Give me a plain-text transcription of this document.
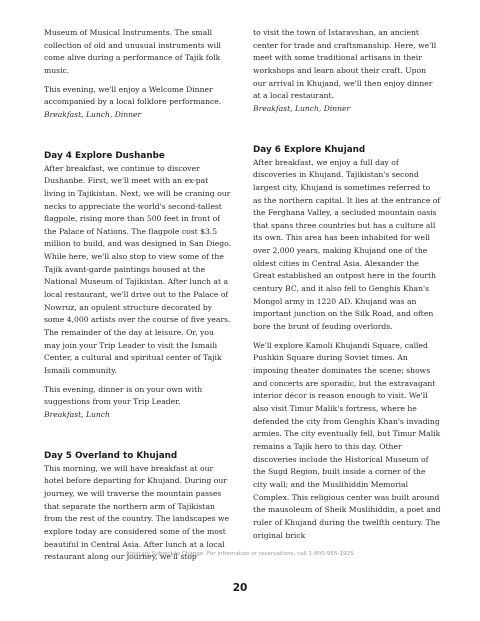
Museum of Musical Instruments. The small collection of old and unusual instruments will come alive during a performance of Tajik folk music.

This evening, we'll enjoy a Welcome Dinner accompanied by a local folklore performance.

Breakfast, Lunch, Dinner

Day 4 Explore Dushanbe

After breakfast, we continue to discover Dushanbe. First, we'll meet with an ex-pat living in Tajikistan. Next, we will be craning our necks to appreciate the world's second-tallest flagpole, rising more than 500 feet in front of the Palace of Nations. The flagpole cost $3.5 million to build, and was designed in San Diego. While here, we'll also stop to view some of the Tajik avant-garde paintings housed at the National Museum of Tajikistan. After lunch at a local restaurant, we'll drive out to the Palace of Nowruz, an opulent structure decorated by some 4,000 artists over the course of five years. The remainder of the day at leisure. Or, you may join your Trip Leader to visit the Ismaili Center, a cultural and spiritual center of Tajik Ismaili community.

This evening, dinner is on your own with suggestions from your Trip Leader.

Breakfast, Lunch

Day 5 Overland to Khujand

This morning, we will have breakfast at our hotel before departing for Khujand. During our journey, we will traverse the mountain passes that separate the northern arm of Tajikistan from the rest of the country. The landscapes we explore today are considered some of the most beautiful in Central Asia. After lunch at a local restaurant along our journey, we'll stop

to visit the town of Istaravshan, an ancient center for trade and craftsmanship. Here, we'll meet with some traditional artisans in their workshops and learn about their craft. Upon our arrival in Khujand, we'll then enjoy dinner at a local restaurant.

Breakfast, Lunch, Dinner

Day 6 Explore Khujand

After breakfast, we enjoy a full day of discoveries in Khujand. Tajikistan's second largest city, Khujand is sometimes referred to as the northern capital. It lies at the entrance of the Ferghana Valley, a secluded mountain oasis that spans three countries but has a culture all its own. This area has been inhabited for well over 2,000 years, making Khujand one of the oldest cities in Central Asia. Alexander the Great established an outpost here in the fourth century BC, and it also fell to Genghis Khan's Mongol army in 1220 AD. Khujand was an important junction on the Silk Road, and often bore the brunt of feuding overlords.

We'll explore Kamoli Khujandi Square, called Pushkin Square during Soviet times. An imposing theater dominates the scene; shows and concerts are sporadic, but the extravagant interior décor is reason enough to visit. We'll also visit Timur Malik's fortress, where he defended the city from Genghis Khan's invading armies. The city eventually fell, but Timur Malik remains a Tajik hero to this day. Other discoveries include the Historical Museum of the Sugd Region, built inside a corner of the city wall; and the Muslihiddin Memorial Complex. This religious center was built around the mausoleum of Sheik Muslihiddin, a poet and ruler of Khujand during the twelfth century. The original brick

Itinerary Subject to Change. For information or reservations, call 1-800-955-1925
20
